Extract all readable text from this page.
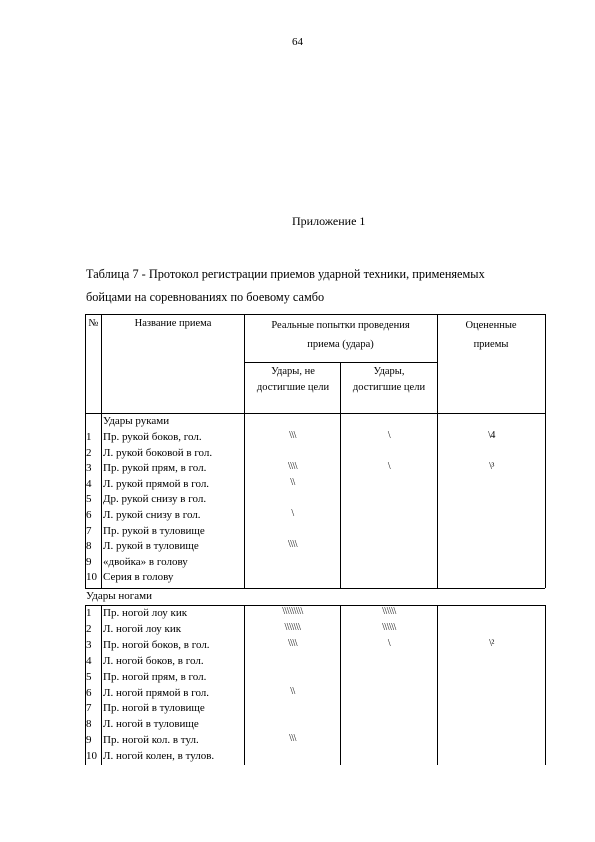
64
Приложение 1
Таблица 7 - Протокол регистрации приемов ударной техники, применяемых
бойцами на соревнованиях по боевому самбо
№	Название приема	Реальные попытки проведения приема (удара)
Удары, не достигшие цели
Удары, достигшие цели
Оцененные приемы
Удары руками
1	Пр. рукой боков, гол.	\\\	\	\4
2	Л. рукой боковой в гол.
3	Пр. рукой прям, в гол.	\\\\	\	\³
4	Л. рукой прямой в гол.	\\
5	Др. рукой снизу в гол.
6	Л. рукой снизу в гол.	\
7	Пр. рукой в туловище
8	Л. рукой в туловище	\\\\
9	«двойка» в голову
10 Серия в голову
Удары ногами
1	Пр. ногой лоу кик	\\\\\\\\\	\\\\\\
2	Л. ногой лоу кик	\\\\\\\	\\\\\\
3	Пр. ногой боков, в гол.	\\\\	\	\²
4	Л. ногой боков, в гол.
5	Пр. ногой прям, в гол.
6	Л. ногой прямой в гол.	\\
7	Пр. ногой в туловище
8	Л. ногой в туловище
9	Пр. ногой кол. в тул.	\\\
10 Л. ногой колен, в тулов.
